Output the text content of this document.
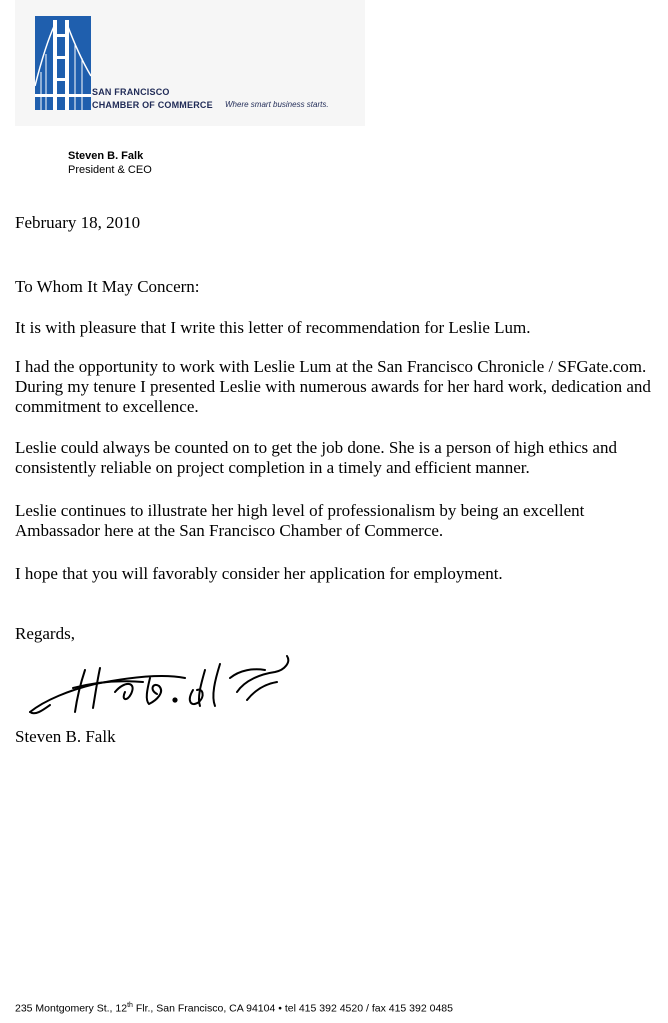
SAN FRANCISCO
CHAMBER OF COMMERCE Where smart business starts.
Steven B. Falk
President & CEO

February 18, 2010

To Whom It May Concern:

It is with pleasure that I write this letter of recommendation for Leslie Lum.

I had the opportunity to work with Leslie Lum at the San Francisco Chronicle / SFGate.com. During my tenure I presented Leslie with numerous awards for her hard work, dedication and commitment to excellence.

Leslie could always be counted on to get the job done. She is a person of high ethics and consistently reliable on project completion in a timely and efficient manner.

Leslie continues to illustrate her high level of professionalism by being an excellent Ambassador here at the San Francisco Chamber of Commerce.

I hope that you will favorably consider her application for employment.

Regards,

Steven B. Falk

235 Montgomery St., 12th Flr., San Francisco, CA 94104 • tel 415 392 4520 / fax 415 392 0485
